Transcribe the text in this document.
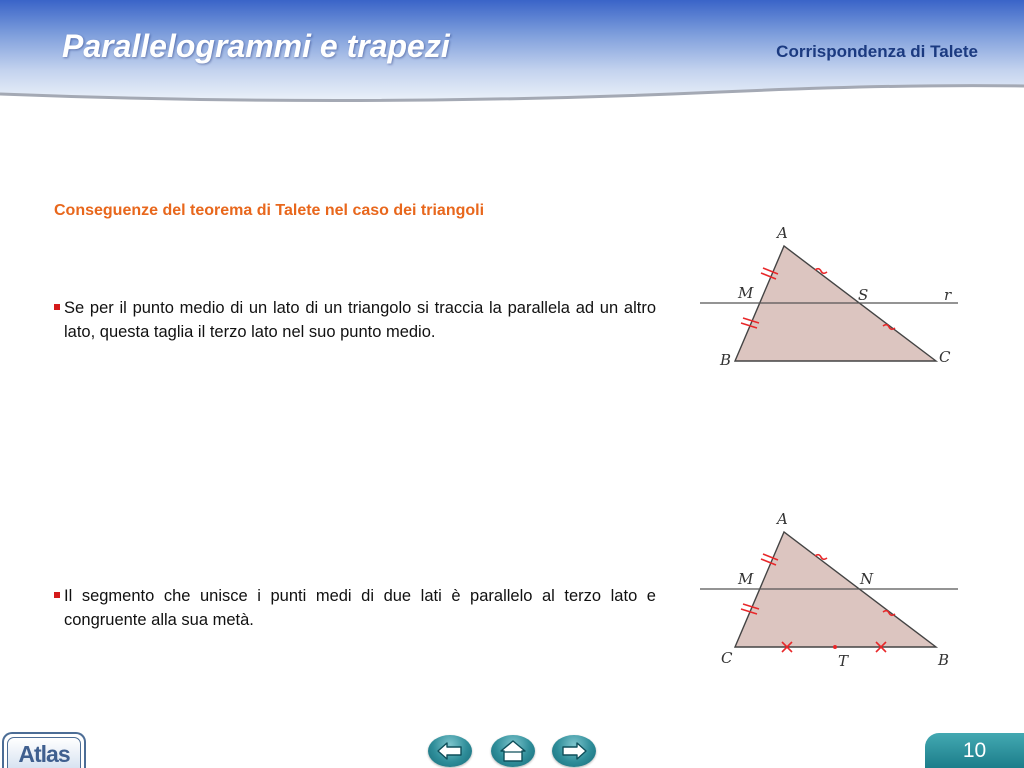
Parallelogrammi e trapezi	Corrispondenza di Talete
Conseguenze del teorema di Talete nel caso dei triangoli
Se per il punto medio di un lato di un triangolo si traccia la parallela ad un altro lato, questa taglia il terzo lato nel suo punto medio.
Il segmento che unisce i punti medi di due lati è parallelo al terzo lato e congruente alla sua metà.
A
M	S	r
B	C
A
M	N
C	T	B
Atlas	10
